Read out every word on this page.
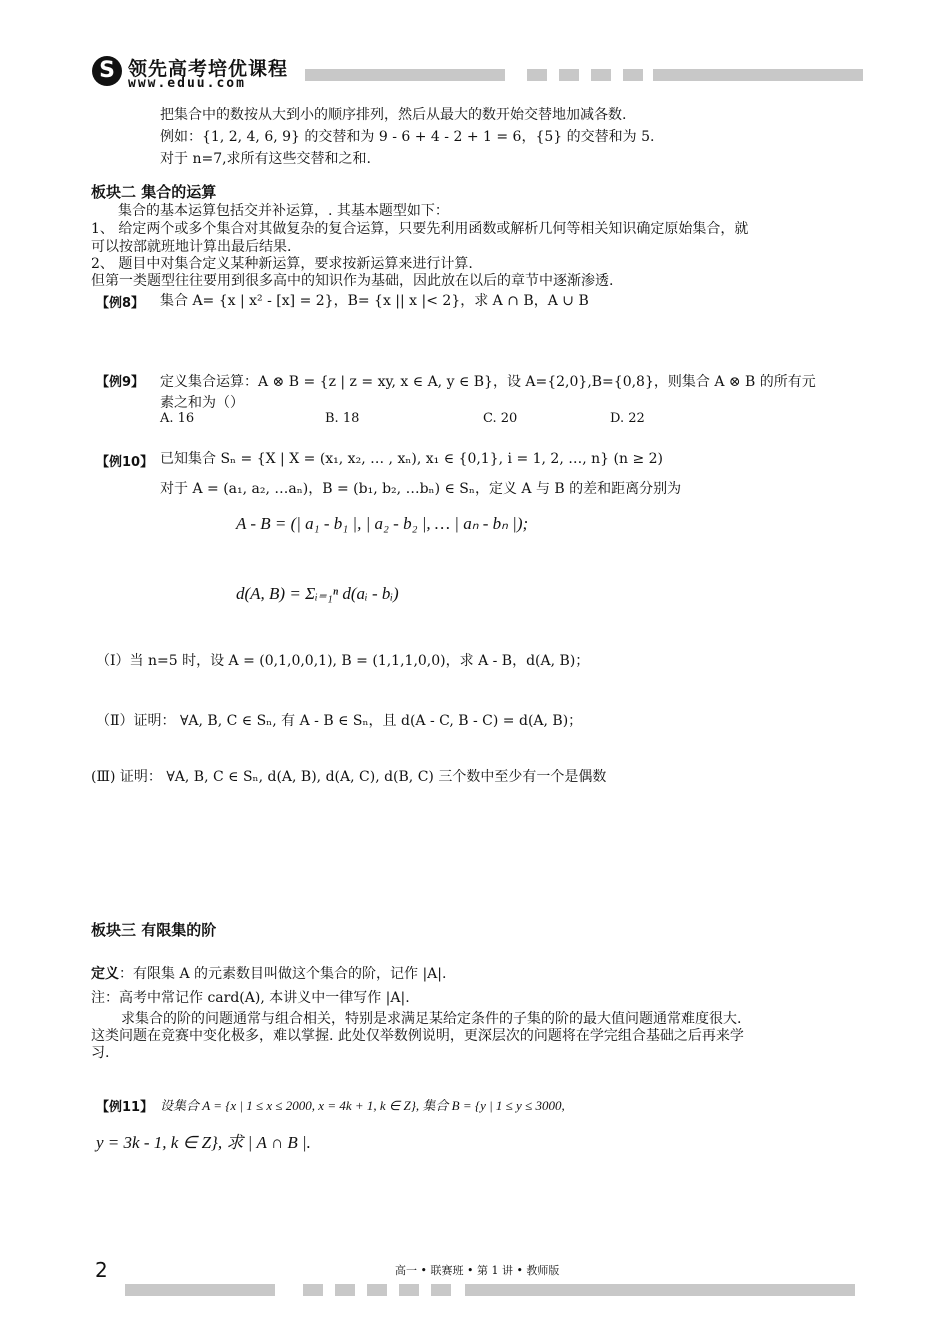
S 领先高考培优课程
www.eduu.com
把集合中的数按从大到小的顺序排列，然后从最大的数开始交替地加减各数.
例如：{1, 2, 4, 6, 9} 的交替和为 9 - 6 + 4 - 2 + 1 = 6，{5} 的交替和为 5.
对于 n=7,求所有这些交替和之和.
板块二 集合的运算
集合的基本运算包括交并补运算，. 其基本题型如下：
1、 给定两个或多个集合对其做复杂的复合运算，只要先利用函数或解析几何等相关知识确定原始集合，就
可以按部就班地计算出最后结果.
2、 题目中对集合定义某种新运算，要求按新运算来进行计算.
但第一类题型往往要用到很多高中的知识作为基础，因此放在以后的章节中逐渐渗透.
【例8】 集合 A= {x | x² - [x] = 2}，B= {x || x |< 2}，求 A ∩ B，A ∪ B
【例9】 定义集合运算：A ⊗ B = {z | z = xy, x ∈ A, y ∈ B}，设 A={2,0},B={0,8}，则集合 A ⊗ B 的所有元
素之和为（）
A. 16	B. 18	C. 20	D. 22
【例10】 已知集合 Sₙ = {X | X = (x₁, x₂, … , xₙ), x₁ ∈ {0,1}, i = 1, 2, …, n} (n ≥ 2)
对于 A = (a₁, a₂, …aₙ)，B = (b₁, b₂, …bₙ) ∈ Sₙ，定义 A 与 B 的差和距离分别为
A - B = (| a₁ - b₁ |, | a₂ - b₂ |, … | aₙ - bₙ |);
d(A, B) = Σᵢ₌₁ⁿ d(aᵢ - bᵢ)
（Ⅰ）当 n=5 时，设 A = (0,1,0,0,1), B = (1,1,1,0,0)，求 A - B，d(A, B)；
（Ⅱ）证明： ∀A, B, C ∈ Sₙ, 有 A - B ∈ Sₙ，且 d(A - C, B - C) = d(A, B)；
(Ⅲ) 证明： ∀A, B, C ∈ Sₙ, d(A, B), d(A, C), d(B, C) 三个数中至少有一个是偶数
板块三 有限集的阶
定义：有限集 A 的元素数目叫做这个集合的阶，记作 |A|.
注：高考中常记作 card(A), 本讲义中一律写作 |A|.
求集合的阶的问题通常与组合相关，特别是求满足某给定条件的子集的阶的最大值问题通常难度很大.
这类问题在竞赛中变化极多，难以掌握. 此处仅举数例说明，更深层次的问题将在学完组合基础之后再来学
习.
【例11】 设集合 A = {x | 1 ≤ x ≤ 2000, x = 4k + 1, k ∈ Z}, 集合 B = {y | 1 ≤ y ≤ 3000,
y = 3k - 1, k ∈ Z}, 求 | A ∩ B |.
2	高一 • 联赛班 • 第 1 讲 • 教师版
